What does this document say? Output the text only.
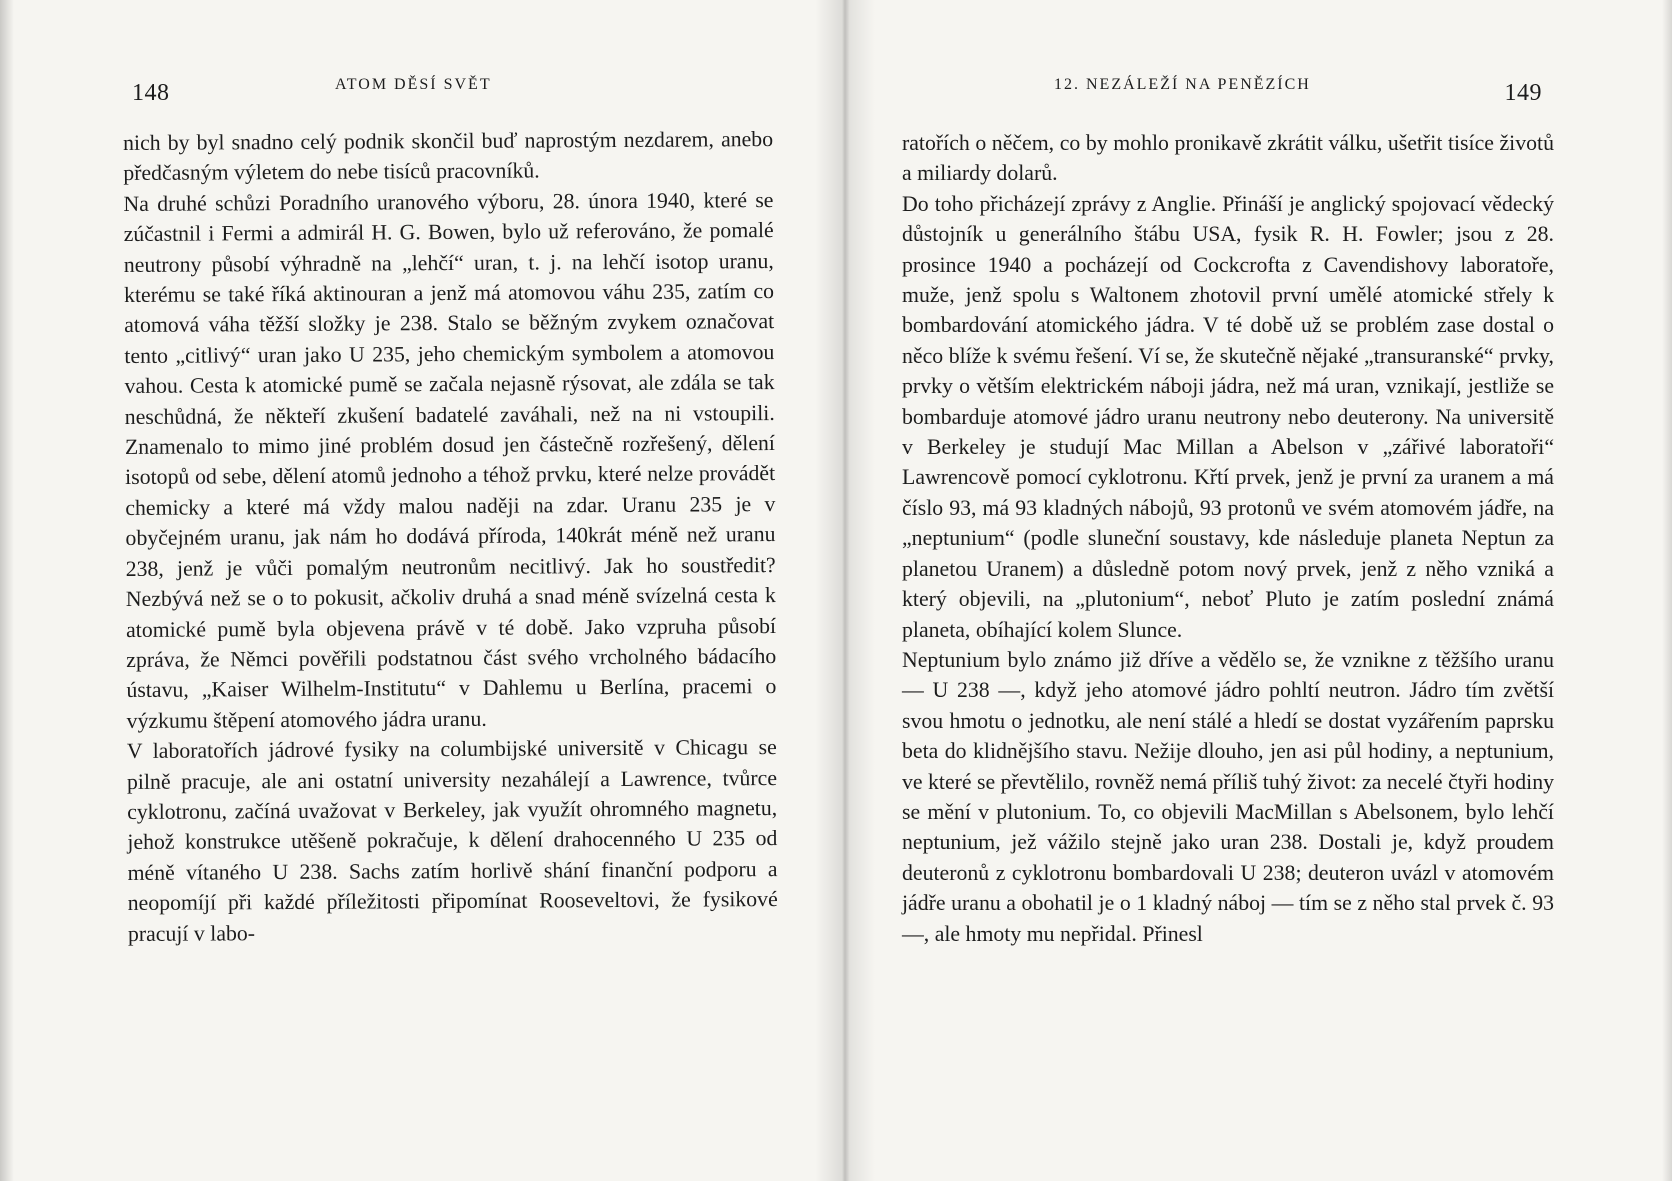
148	ATOM DĚSÍ SVĚT

nich by byl snadno celý podnik skončil buď naprostým nezdarem, anebo předčasným výletem do nebe tisíců pracovníků.

Na druhé schůzi Poradního uranového výboru, 28. února 1940, které se zúčastnil i Fermi a admirál H. G. Bowen, bylo už referováno, že pomalé neutrony působí výhradně na „lehčí“ uran, t. j. na lehčí isotop uranu, kterému se také říká aktinouran a jenž má atomovou váhu 235, zatím co atomová váha těžší složky je 238. Stalo se běžným zvykem označovat tento „citlivý“ uran jako U 235, jeho chemickým symbolem a atomovou vahou. Cesta k atomické pumě se začala nejasně rýsovat, ale zdála se tak neschůdná, že někteří zkušení badatelé zaváhali, než na ni vstoupili. Znamenalo to mimo jiné problém dosud jen částečně rozřešený, dělení isotopů od sebe, dělení atomů jednoho a téhož prvku, které nelze provádět chemicky a které má vždy malou naději na zdar. Uranu 235 je v obyčejném uranu, jak nám ho dodává příroda, 140krát méně než uranu 238, jenž je vůči pomalým neutronům necitlivý. Jak ho soustředit? Nezbývá než se o to pokusit, ačkoliv druhá a snad méně svízelná cesta k atomické pumě byla objevena právě v té době. Jako vzpruha působí zpráva, že Němci pověřili podstatnou část svého vrcholného bádacího ústavu, „Kaiser Wilhelm-Institutu“ v Dahlemu u Berlína, pracemi o výzkumu štěpení atomového jádra uranu.

V laboratořích jádrové fysiky na columbijské universitě v Chicagu se pilně pracuje, ale ani ostatní university nezahálejí a Lawrence, tvůrce cyklotronu, začíná uvažovat v Berkeley, jak využít ohromného magnetu, jehož konstrukce utěšeně pokračuje, k dělení drahocenného U 235 od méně vítaného U 238. Sachs zatím horlivě shání finanční podporu a neopomíjí při každé příležitosti připomínat Rooseveltovi, že fysikové pracují v labo-

12. NEZÁLEŽÍ NA PENĚZÍCH	149

ratořích o něčem, co by mohlo pronikavě zkrátit válku, ušetřit tisíce životů a miliardy dolarů.

Do toho přicházejí zprávy z Anglie. Přináší je anglický spojovací vědecký důstojník u generálního štábu USA, fysik R. H. Fowler; jsou z 28. prosince 1940 a pocházejí od Cockcrofta z Cavendishovy laboratoře, muže, jenž spolu s Waltonem zhotovil první umělé atomické střely k bombardování atomického jádra. V té době už se problém zase dostal o něco blíže k svému řešení. Ví se, že skutečně nějaké „transuranské“ prvky, prvky o větším elektrickém náboji jádra, než má uran, vznikají, jestliže se bombarduje atomové jádro uranu neutrony nebo deuterony. Na universitě v Berkeley je studují Mac Millan a Abelson v „zářivé laboratoři“ Lawrencově pomocí cyklotronu. Křtí prvek, jenž je první za uranem a má číslo 93, má 93 kladných nábojů, 93 protonů ve svém atomovém jádře, na „neptunium“ (podle sluneční soustavy, kde následuje planeta Neptun za planetou Uranem) a důsledně potom nový prvek, jenž z něho vzniká a který objevili, na „plutonium“, neboť Pluto je zatím poslední známá planeta, obíhající kolem Slunce.

Neptunium bylo známo již dříve a vědělo se, že vznikne z těžšího uranu — U 238 —, když jeho atomové jádro pohltí neutron. Jádro tím zvětší svou hmotu o jednotku, ale není stálé a hledí se dostat vyzářením paprsku beta do klidnějšího stavu. Nežije dlouho, jen asi půl hodiny, a neptunium, ve které se převtělilo, rovněž nemá příliš tuhý život: za necelé čtyři hodiny se mění v plutonium. To, co objevili MacMillan s Abelsonem, bylo lehčí neptunium, jež vážilo stejně jako uran 238. Dostali je, když proudem deuteronů z cyklotronu bombardovali U 238; deuteron uvázl v atomovém jádře uranu a obohatil je o 1 kladný náboj — tím se z něho stal prvek č. 93 —, ale hmoty mu nepřidal. Přinesl
